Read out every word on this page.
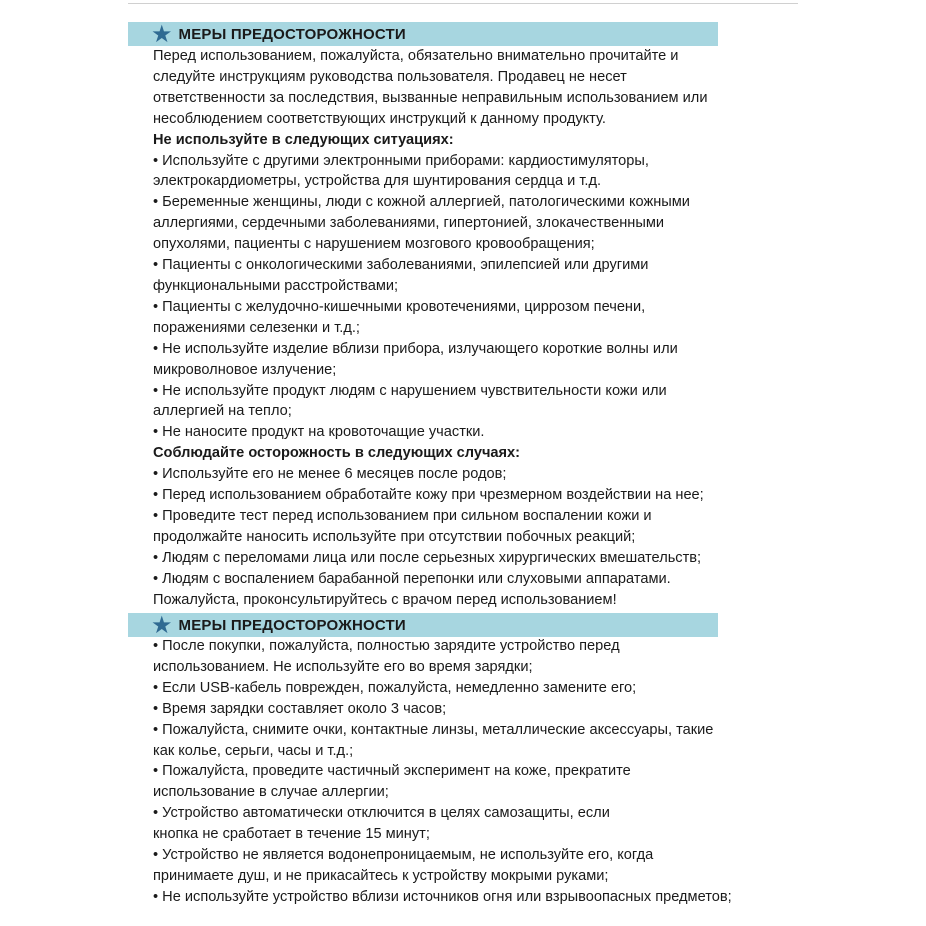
★ МЕРЫ ПРЕДОСТОРОЖНОСТИ
Перед использованием, пожалуйста, обязательно внимательно прочитайте и
следуйте инструкциям руководства пользователя. Продавец не несет
ответственности за последствия, вызванные неправильным использованием или
несоблюдением соответствующих инструкций к данному продукту.
Не используйте в следующих ситуациях:
• Используйте с другими электронными приборами: кардиостимуляторы,
электрокардиометры, устройства для шунтирования сердца и т.д.
• Беременные женщины, люди с кожной аллергией, патологическими кожными
аллергиями, сердечными заболеваниями, гипертонией, злокачественными
опухолями, пациенты с нарушением мозгового кровообращения;
• Пациенты с онкологическими заболеваниями, эпилепсией или другими
функциональными расстройствами;
• Пациенты с желудочно-кишечными кровотечениями, циррозом печени,
поражениями селезенки и т.д.;
• Не используйте изделие вблизи прибора, излучающего короткие волны или
микроволновое излучение;
• Не используйте продукт людям с нарушением чувствительности кожи или
аллергией на тепло;
• Не наносите продукт на кровоточащие участки.
Соблюдайте осторожность в следующих случаях:
• Используйте его не менее 6 месяцев после родов;
• Перед использованием обработайте кожу при чрезмерном воздействии на нее;
• Проведите тест перед использованием при сильном воспалении кожи и
продолжайте наносить используйте при отсутствии побочных реакций;
• Людям с переломами лица или после серьезных хирургических вмешательств;
• Людям с воспалением барабанной перепонки или слуховыми аппаратами.
Пожалуйста, проконсультируйтесь с врачом перед использованием!
★ МЕРЫ ПРЕДОСТОРОЖНОСТИ
• После покупки, пожалуйста, полностью зарядите устройство перед
использованием. Не используйте его во время зарядки;
• Если USB-кабель поврежден, пожалуйста, немедленно замените его;
• Время зарядки составляет около 3 часов;
• Пожалуйста, снимите очки, контактные линзы, металлические аксессуары, такие
как колье, серьги, часы и т.д.;
• Пожалуйста, проведите частичный эксперимент на коже, прекратите
использование в случае аллергии;
• Устройство автоматически отключится в целях самозащиты, если
кнопка не сработает в течение 15 минут;
• Устройство не является водонепроницаемым, не используйте его, когда
принимаете душ, и не прикасайтесь к устройству мокрыми руками;
• Не используйте устройство вблизи источников огня или взрывоопасных предметов;
